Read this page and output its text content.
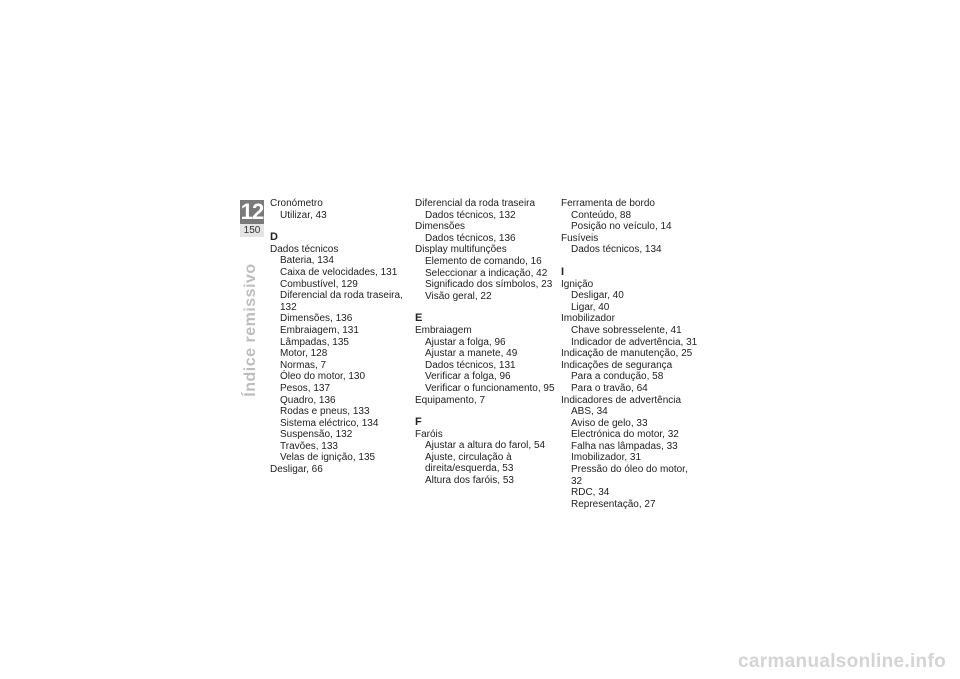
12
150
Índice remissivo
Cronómetro
Utilizar, 43
D
Dados técnicos
Bateria, 134
Caixa de velocidades, 131
Combustível, 129
Diferencial da roda traseira, 132
Dimensões, 136
Embraiagem, 131
Lâmpadas, 135
Motor, 128
Normas, 7
Óleo do motor, 130
Pesos, 137
Quadro, 136
Rodas e pneus, 133
Sistema eléctrico, 134
Suspensão, 132
Travões, 133
Velas de ignição, 135
Desligar, 66
Diferencial da roda traseira
Dados técnicos, 132
Dimensões
Dados técnicos, 136
Display multifunções
Elemento de comando, 16
Seleccionar a indicação, 42
Significado dos símbolos, 23
Visão geral, 22
E
Embraiagem
Ajustar a folga, 96
Ajustar a manete, 49
Dados técnicos, 131
Verificar a folga, 96
Verificar o funcionamento, 95
Equipamento, 7
F
Faróis
Ajustar a altura do farol, 54
Ajuste, circulação à direita/esquerda, 53
Altura dos faróis, 53
Ferramenta de bordo
Conteúdo, 88
Posição no veículo, 14
Fusíveis
Dados técnicos, 134
I
Ignição
Desligar, 40
Ligar, 40
Imobilizador
Chave sobresselente, 41
Indicador de advertência, 31
Indicação de manutenção, 25
Indicações de segurança
Para a condução, 58
Para o travão, 64
Indicadores de advertência
ABS, 34
Aviso de gelo, 33
Electrónica do motor, 32
Falha nas lâmpadas, 33
Imobilizador, 31
Pressão do óleo do motor, 32
RDC, 34
Representação, 27
carmanualsonline.info
